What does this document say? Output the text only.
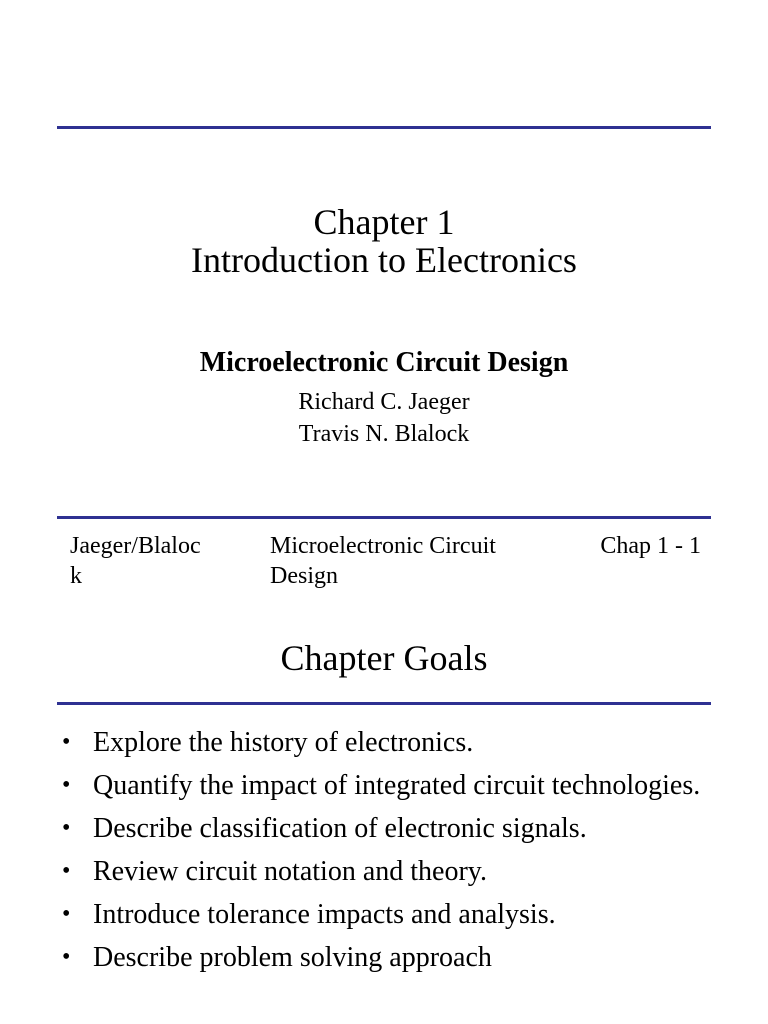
Chapter 1
Introduction to Electronics
Microelectronic Circuit Design
Richard C. Jaeger
Travis N. Blalock
Jaeger/Blalock
Microelectronic Circuit Design
Chap 1 - 1
Chapter Goals
• Explore the history of electronics.
• Quantify the impact of integrated circuit technologies.
• Describe classification of electronic signals.
• Review circuit notation and theory.
• Introduce tolerance impacts and analysis.
• Describe problem solving approach
